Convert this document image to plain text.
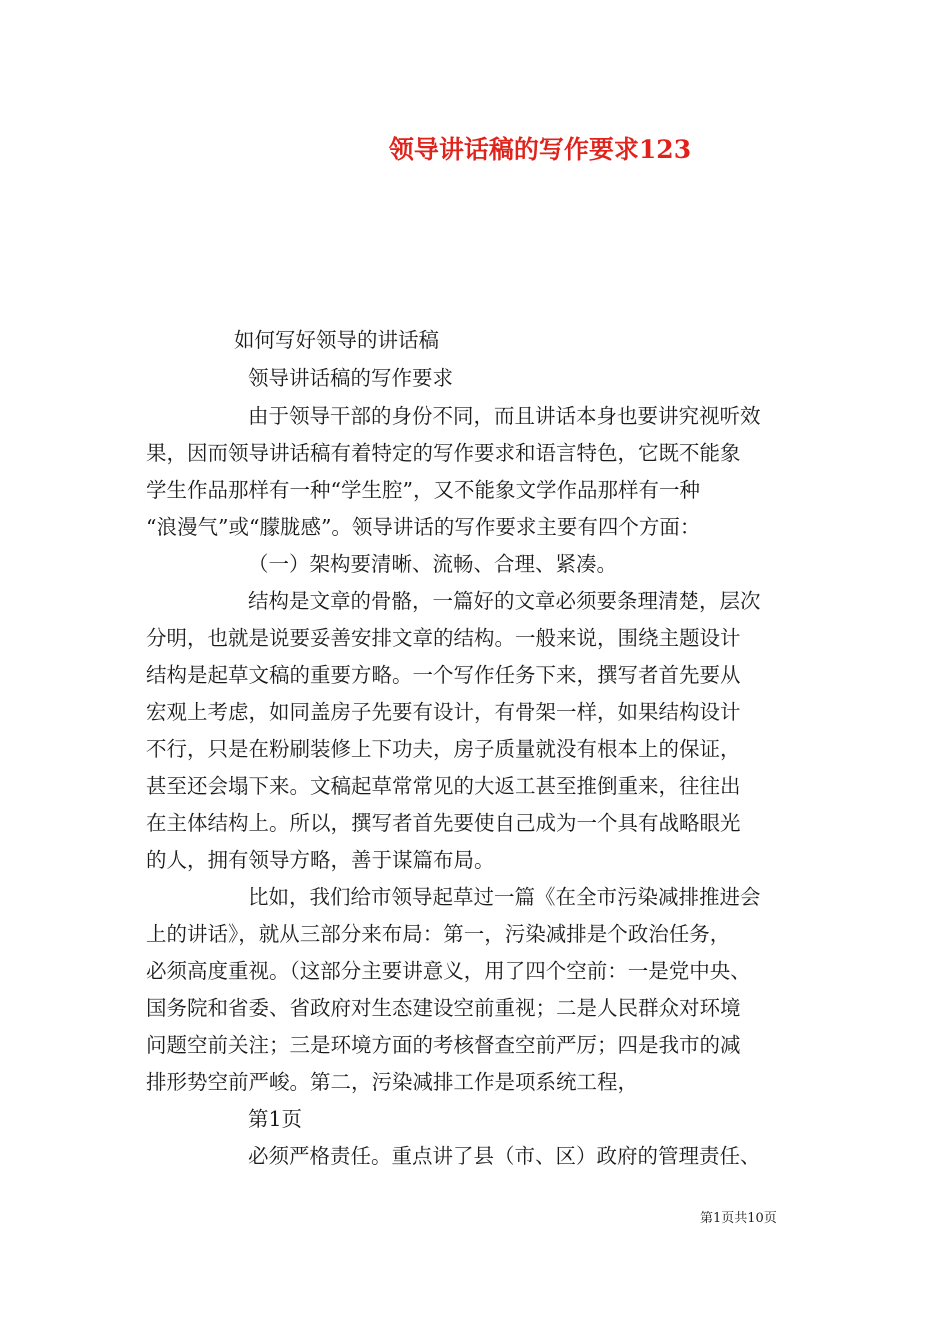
领导讲话稿的写作要求123
如何写好领导的讲话稿
领导讲话稿的写作要求
由于领导干部的身份不同，而且讲话本身也要讲究视听效
果，因而领导讲话稿有着特定的写作要求和语言特色，它既不能象
学生作品那样有一种“学生腔”，又不能象文学作品那样有一种
“浪漫气”或“朦胧感”。领导讲话的写作要求主要有四个方面：
（一）架构要清晰、流畅、合理、紧凑。
结构是文章的骨骼，一篇好的文章必须要条理清楚，层次
分明，也就是说要妥善安排文章的结构。一般来说，围绕主题设计
结构是起草文稿的重要方略。一个写作任务下来，撰写者首先要从
宏观上考虑，如同盖房子先要有设计，有骨架一样，如果结构设计
不行，只是在粉刷装修上下功夫，房子质量就没有根本上的保证，
甚至还会塌下来。文稿起草常常见的大返工甚至推倒重来，往往出
在主体结构上。所以，撰写者首先要使自己成为一个具有战略眼光
的人，拥有领导方略，善于谋篇布局。
比如，我们给市领导起草过一篇《在全市污染减排推进会
上的讲话》，就从三部分来布局：第一，污染减排是个政治任务，
必须高度重视。（这部分主要讲意义，用了四个空前：一是党中央、
国务院和省委、省政府对生态建设空前重视；二是人民群众对环境
问题空前关注；三是环境方面的考核督查空前严厉；四是我市的减
排形势空前严峻。第二，污染减排工作是项系统工程，
第1页
必须严格责任。重点讲了县（市、区）政府的管理责任、
第1页共10页
